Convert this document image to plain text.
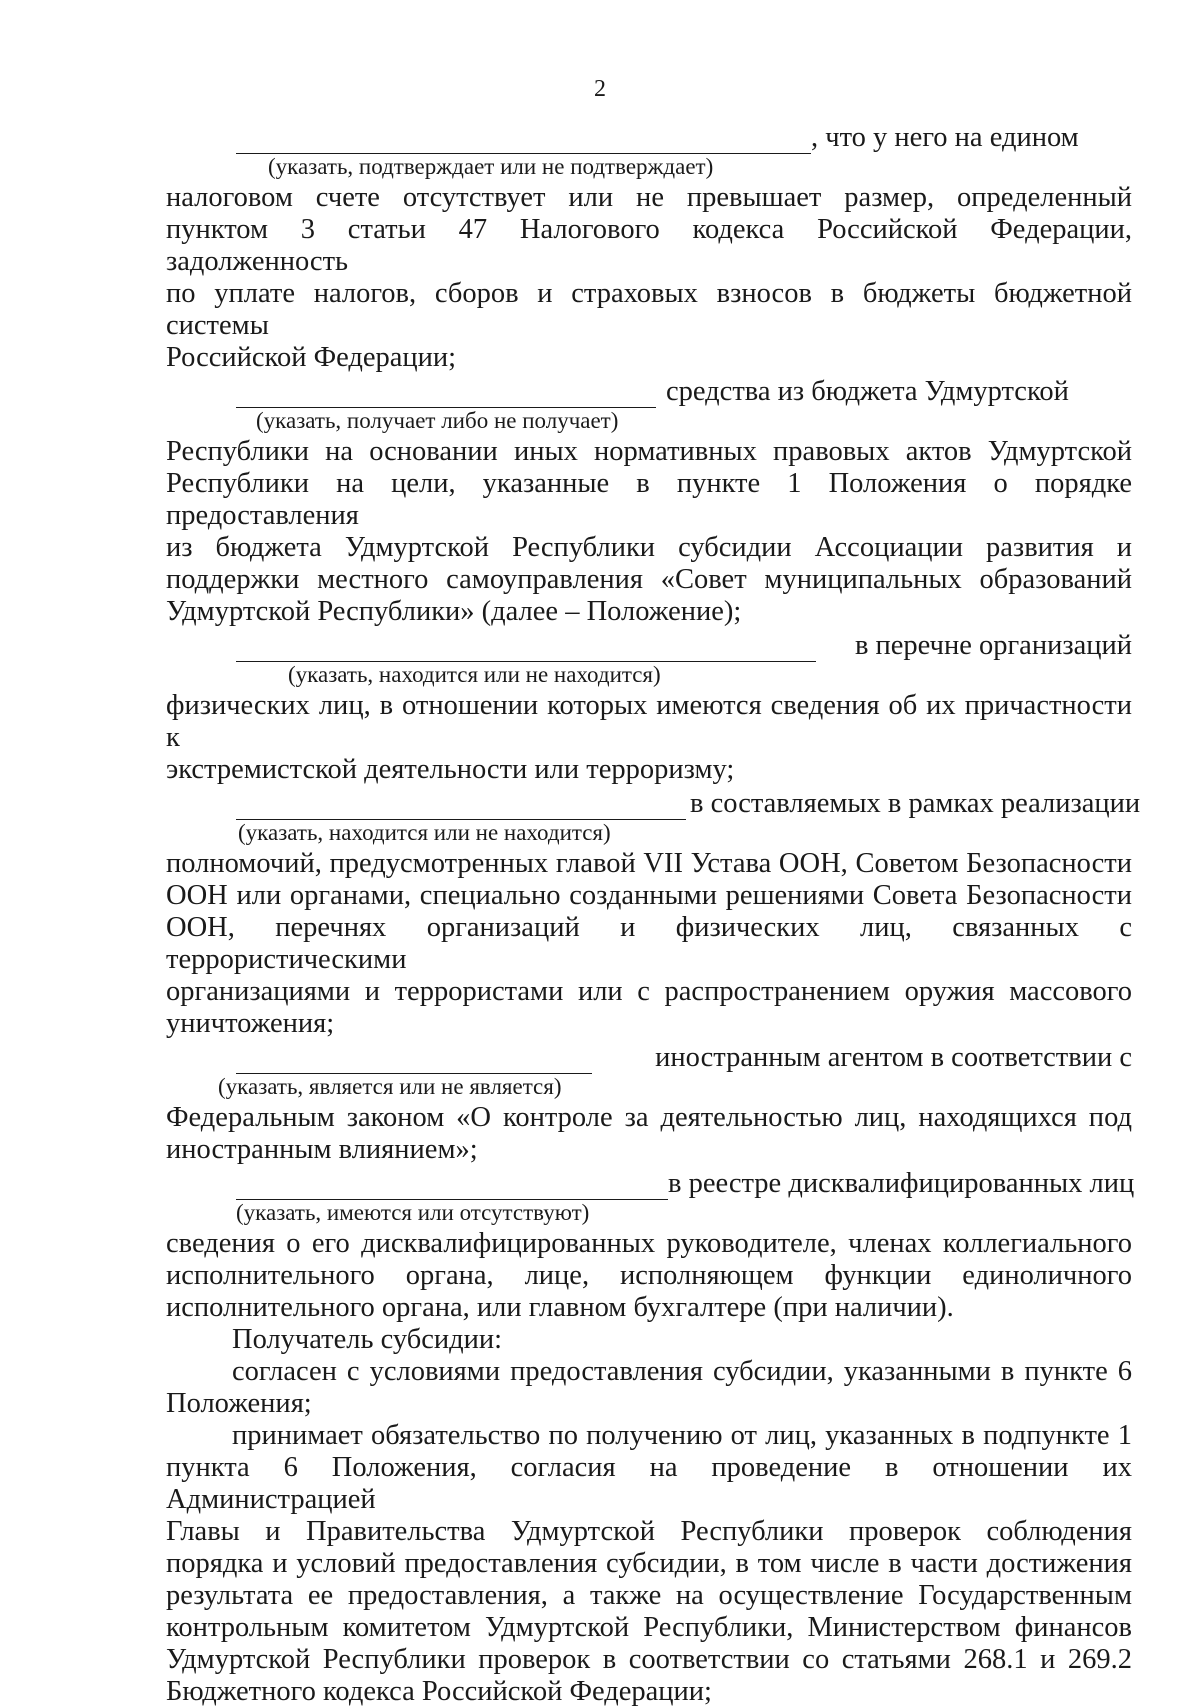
2
, что у него на едином
(указать, подтверждает или не подтверждает)
налоговом счете отсутствует или не превышает размер, определенный
пунктом 3 статьи 47 Налогового кодекса Российской Федерации, задолженность
по уплате налогов, сборов и страховых взносов в бюджеты бюджетной системы
Российской Федерации;
средства из бюджета Удмуртской
(указать, получает либо не получает)
Республики на основании иных нормативных правовых актов Удмуртской
Республики на цели, указанные в пункте 1 Положения о порядке предоставления
из бюджета Удмуртской Республики субсидии Ассоциации развития и
поддержки местного самоуправления «Совет муниципальных образований
Удмуртской Республики» (далее – Положение);
в перечне организаций
(указать, находится или не находится)
физических лиц, в отношении которых имеются сведения об их причастности к
экстремистской деятельности или терроризму;
в составляемых в рамках реализации
(указать, находится или не находится)
полномочий, предусмотренных главой VII Устава ООН, Советом Безопасности
ООН или органами, специально созданными решениями Совета Безопасности
ООН, перечнях организаций и физических лиц, связанных с террористическими
организациями и террористами или с распространением оружия массового
уничтожения;
иностранным агентом в соответствии с
(указать, является или не является)
Федеральным законом «О контроле за деятельностью лиц, находящихся под
иностранным влиянием»;
в реестре дисквалифицированных лиц
(указать, имеются или отсутствуют)
сведения о его дисквалифицированных руководителе, членах коллегиального
исполнительного органа, лице, исполняющем функции единоличного
исполнительного органа, или главном бухгалтере (при наличии).
Получатель субсидии:
согласен с условиями предоставления субсидии, указанными в пункте 6
Положения;
принимает обязательство по получению от лиц, указанных в подпункте 1
пункта 6 Положения, согласия на проведение в отношении их Администрацией
Главы и Правительства Удмуртской Республики проверок соблюдения
порядка и условий предоставления субсидии, в том числе в части достижения
результата ее предоставления, а также на осуществление Государственным
контрольным комитетом Удмуртской Республики, Министерством финансов
Удмуртской Республики проверок в соответствии со статьями 268.1 и 269.2
Бюджетного кодекса Российской Федерации;
